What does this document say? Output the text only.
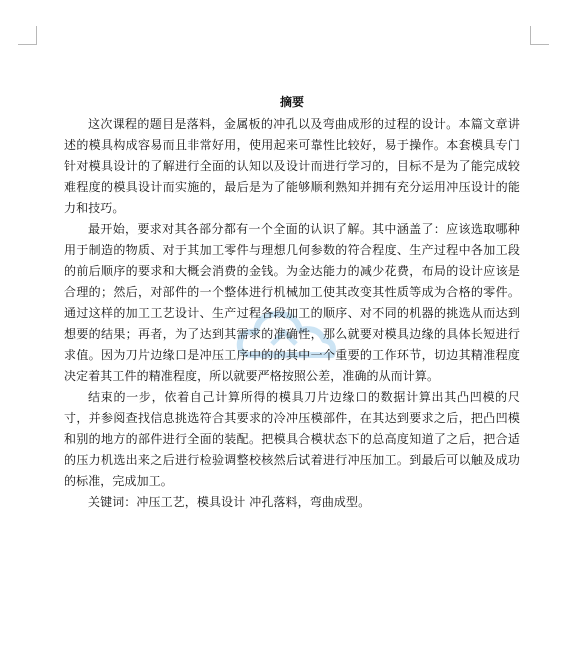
摘要

这次课程的题目是落料，金属板的冲孔以及弯曲成形的过程的设计。本篇文章讲述的模具构成容易而且非常好用，使用起来可靠性比较好，易于操作。本套模具专门针对模具设计的了解进行全面的认知以及设计而进行学习的，目标不是为了能完成较难程度的模具设计而实施的，最后是为了能够顺利熟知并拥有充分运用冲压设计的能力和技巧。

最开始，要求对其各部分都有一个全面的认识了解。其中涵盖了：应该选取哪种用于制造的物质、对于其加工零件与理想几何参数的符合程度、生产过程中各加工段的前后顺序的要求和大概会消费的金钱。为金达能力的减少花费，布局的设计应该是合理的；然后，对部件的一个整体进行机械加工使其改变其性质等成为合格的零件。通过这样的加工工艺设计、生产过程各段加工的顺序、对不同的机器的挑选从而达到想要的结果；再者，为了达到其需求的准确性，那么就要对模具边缘的具体长短进行求值。因为刀片边缘口是冲压工序中的的其中一个重要的工作环节，切边其精准程度决定着其工件的精准程度，所以就要严格按照公差，准确的从而计算。

结束的一步，依着自己计算所得的模具刀片边缘口的数据计算出其凸凹模的尺寸，并参阅查找信息挑选符合其要求的冷冲压模部件，在其达到要求之后，把凸凹模和别的地方的部件进行全面的装配。把模具合模状态下的总高度知道了之后，把合适的压力机选出来之后进行检验调整校核然后试着进行冲压加工。到最后可以触及成功的标准，完成加工。

关键词：冲压工艺，模具设计 冲孔落料，弯曲成型。
